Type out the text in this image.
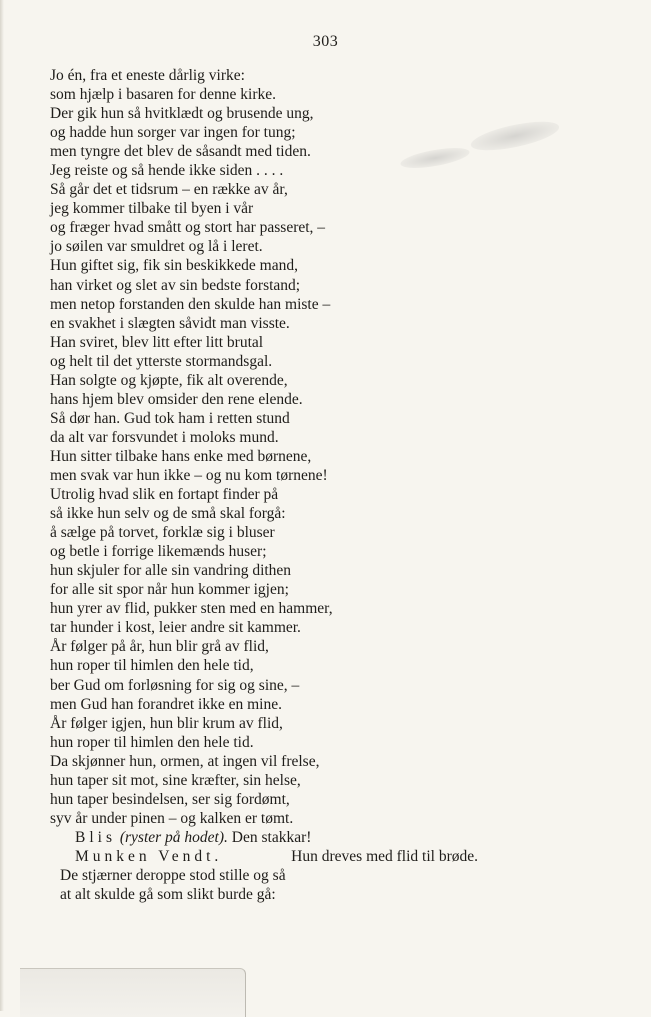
303
Jo én, fra et eneste dårlig virke:
som hjælp i basaren for denne kirke.
Der gik hun så hvitklædt og brusende ung,
og hadde hun sorger var ingen for tung;
men tyngre det blev de såsandt med tiden.
Jeg reiste og så hende ikke siden . . . .
Så går det et tidsrum – en række av år,
jeg kommer tilbake til byen i vår
og fræger hvad smått og stort har passeret, –
jo søilen var smuldret og lå i leret.
Hun giftet sig, fik sin beskikkede mand,
han virket og slet av sin bedste forstand;
men netop forstanden den skulde han miste –
en svakhet i slægten såvidt man visste.
Han sviret, blev litt efter litt brutal
og helt til det ytterste stormandsgal.
Han solgte og kjøpte, fik alt overende,
hans hjem blev omsider den rene elende.
Så dør han. Gud tok ham i retten stund
da alt var forsvundet i moloks mund.
Hun sitter tilbake hans enke med børnene,
men svak var hun ikke – og nu kom tørnene!
Utrolig hvad slik en fortapt finder på
så ikke hun selv og de små skal forgå:
å sælge på torvet, forklæ sig i bluser
og betle i forrige likemænds huser;
hun skjuler for alle sin vandring dithen
for alle sit spor når hun kommer igjen;
hun yrer av flid, pukker sten med en hammer,
tar hunder i kost, leier andre sit kammer.
År følger på år, hun blir grå av flid,
hun roper til himlen den hele tid,
ber Gud om forløsning for sig og sine, –
men Gud han forandret ikke en mine.
År følger igjen, hun blir krum av flid,
hun roper til himlen den hele tid.
Da skjønner hun, ormen, at ingen vil frelse,
hun taper sit mot, sine kræfter, sin helse,
hun taper besindelsen, ser sig fordømt,
syv år under pinen – og kalken er tømt.
Blis (ryster på hodet). Den stakkar!
Munken Vendt.	Hun dreves med flid til brøde.
De stjærner deroppe stod stille og så
at alt skulde gå som slikt burde gå:
